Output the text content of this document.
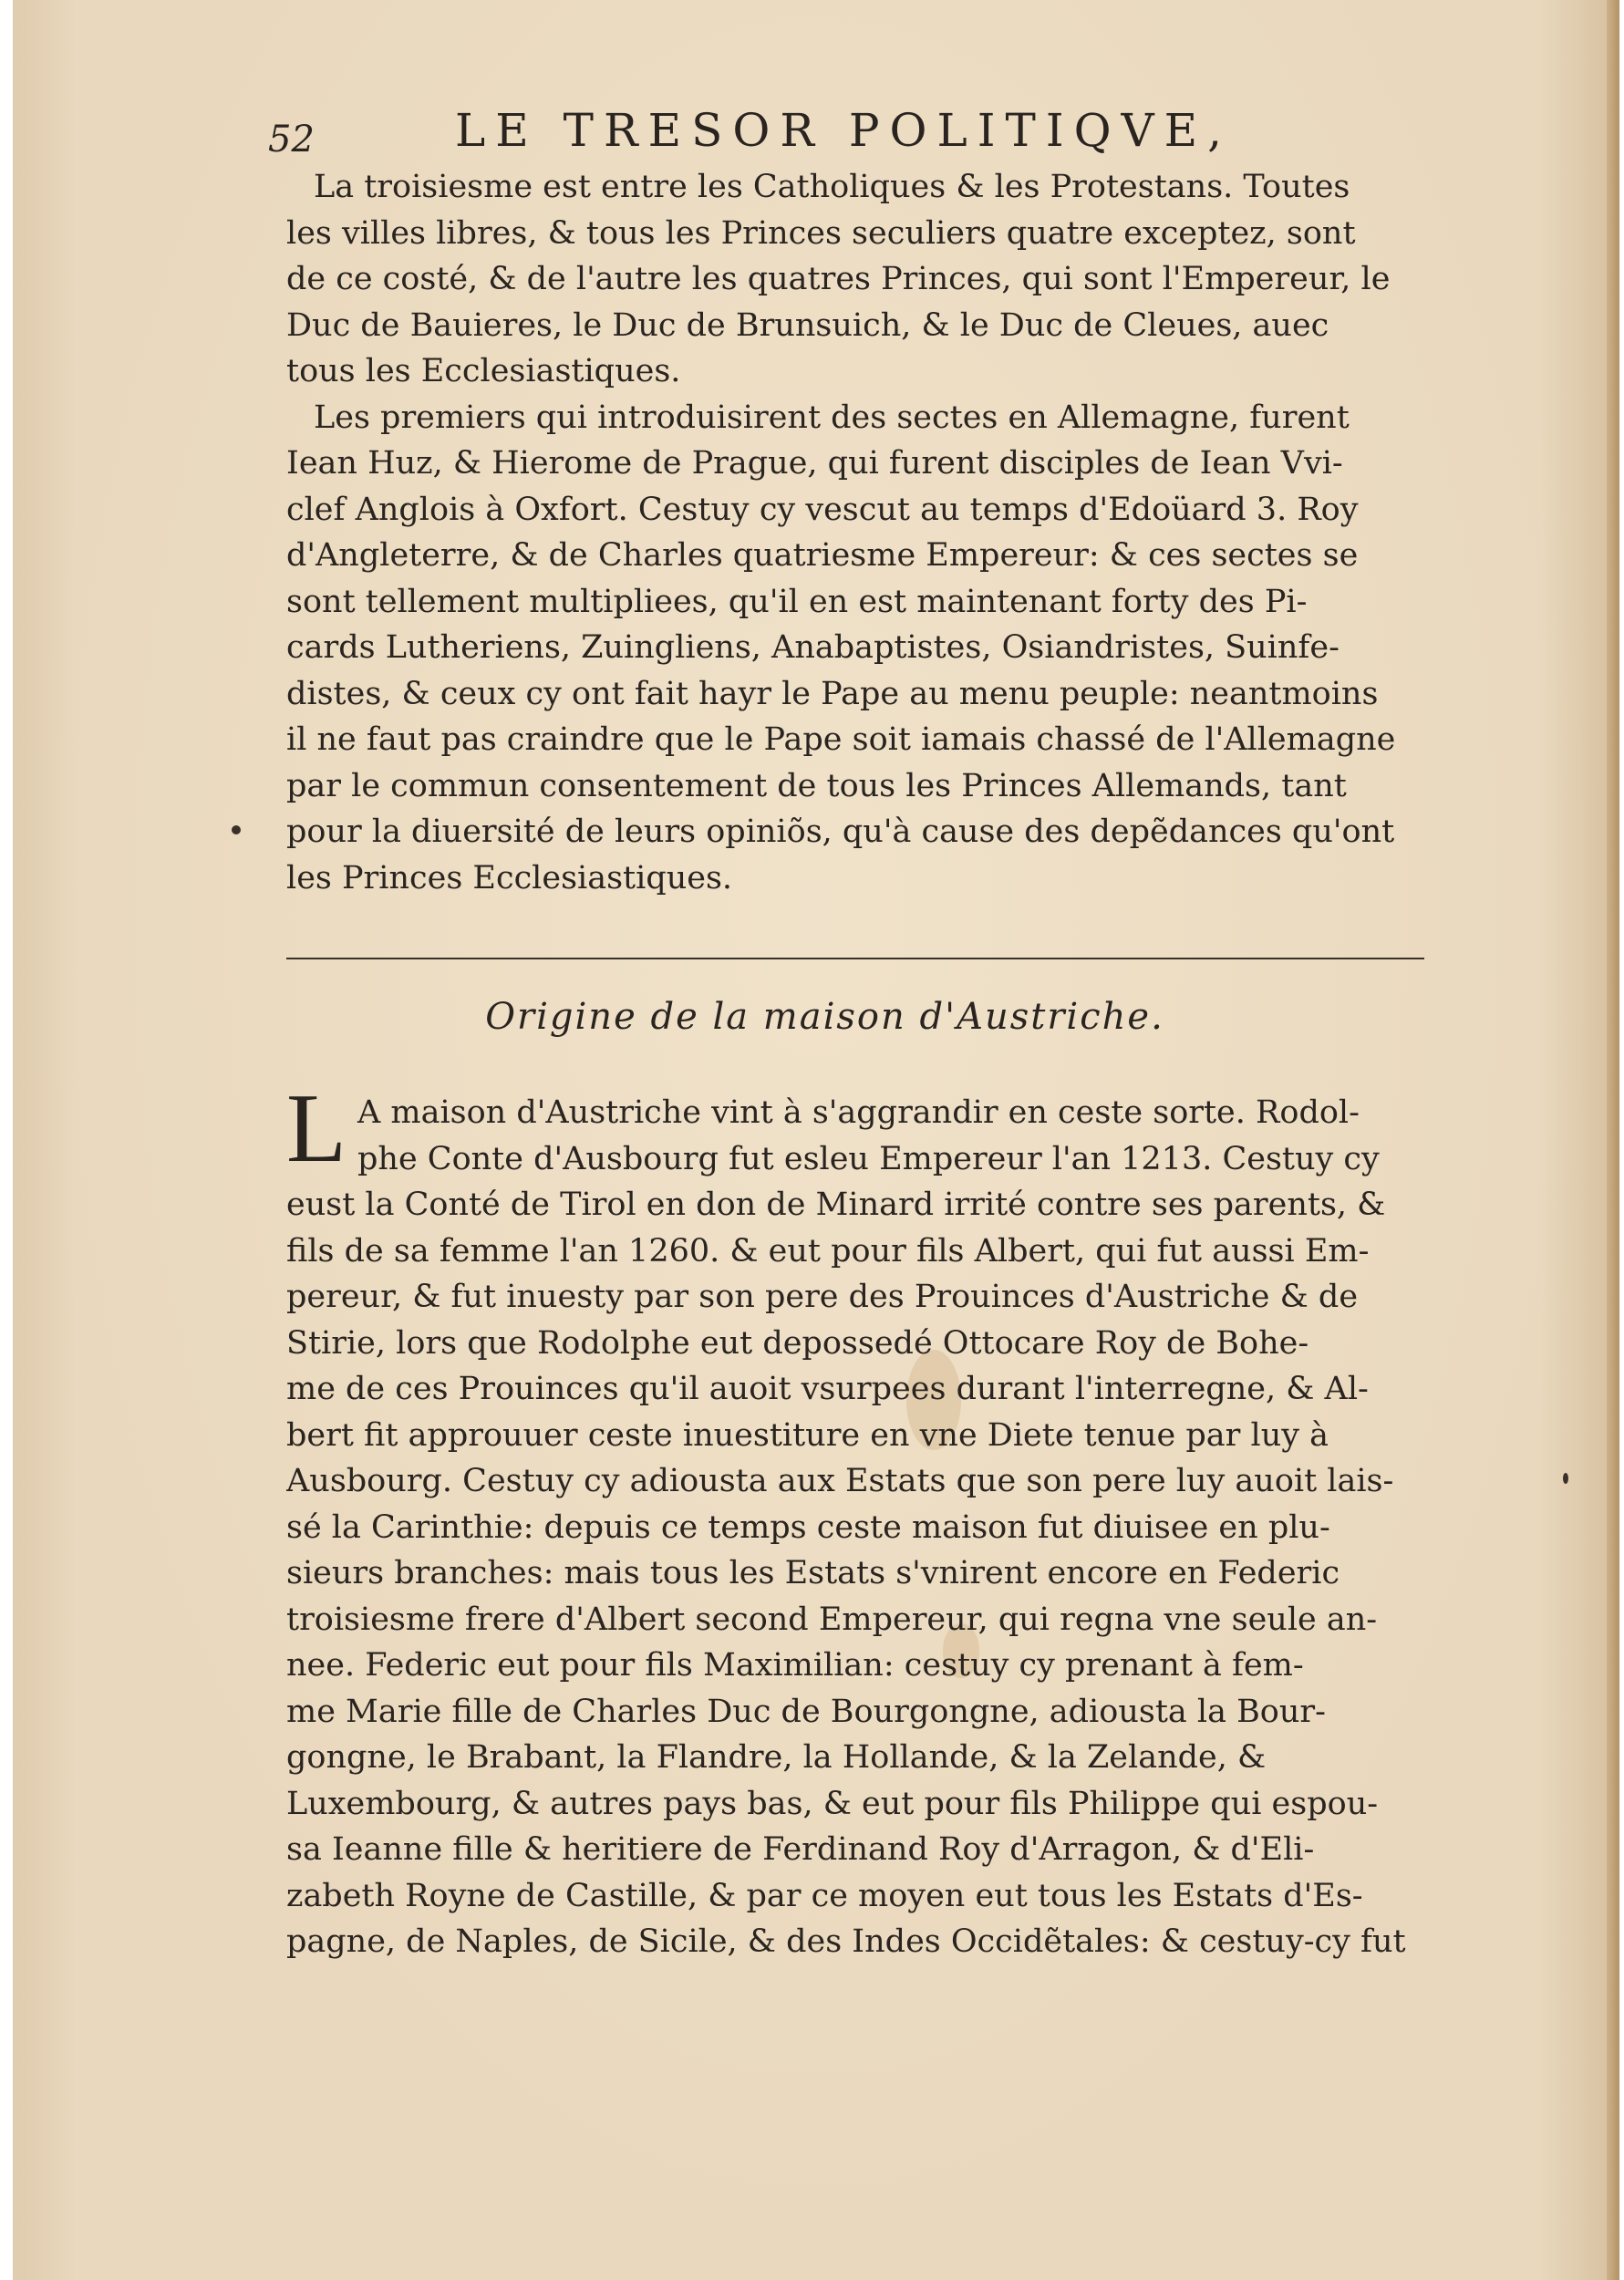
52	LE TRESOR POLITIQVE,
La troisiesme est entre les Catholiques & les Protestans. Toutes
les villes libres, & tous les Princes seculiers quatre exceptez, sont
de ce costé, & de l'autre les quatres Princes, qui sont l'Empereur, le
Duc de Bauieres, le Duc de Brunsuich, & le Duc de Cleues, auec
tous les Ecclesiastiques.
Les premiers qui introduisirent des sectes en Allemagne, furent
Iean Huz, & Hierome de Prague, qui furent disciples de Iean Vvi-
clef Anglois à Oxfort. Cestuy cy vescut au temps d'Edoüard 3. Roy
d'Angleterre, & de Charles quatriesme Empereur: & ces sectes se
sont tellement multipliees, qu'il en est maintenant forty des Pi-
cards Lutheriens, Zuingliens, Anabaptistes, Osiandristes, Suinfe-
distes, & ceux cy ont fait hayr le Pape au menu peuple: neantmoins
il ne faut pas craindre que le Pape soit iamais chassé de l'Allemagne
par le commun consentement de tous les Princes Allemands, tant
pour la diuersité de leurs opiniõs, qu'à cause des depẽdances qu'ont
les Princes Ecclesiastiques.
Origine de la maison d'Austriche.
L A maison d'Austriche vint à s'aggrandir en ceste sorte. Rodol-
phe Conte d'Ausbourg fut esleu Empereur l'an 1213. Cestuy cy
eust la Conté de Tirol en don de Minard irrité contre ses parents, &
fils de sa femme l'an 1260. & eut pour fils Albert, qui fut aussi Em-
pereur, & fut inuesty par son pere des Prouinces d'Austriche & de
Stirie, lors que Rodolphe eut depossedé Ottocare Roy de Bohe-
me de ces Prouinces qu'il auoit vsurpees durant l'interregne, & Al-
bert fit approuuer ceste inuestiture en vne Diete tenue par luy à
Ausbourg. Cestuy cy adiousta aux Estats que son pere luy auoit lais-
sé la Carinthie: depuis ce temps ceste maison fut diuisee en plu-
sieurs branches: mais tous les Estats s'vnirent encore en Federic
troisiesme frere d'Albert second Empereur, qui regna vne seule an-
nee. Federic eut pour fils Maximilian: cestuy cy prenant à fem-
me Marie fille de Charles Duc de Bourgongne, adiousta la Bour-
gongne, le Brabant, la Flandre, la Hollande, & la Zelande, &
Luxembourg, & autres pays bas, & eut pour fils Philippe qui espou-
sa Ieanne fille & heritiere de Ferdinand Roy d'Arragon, & d'Eli-
zabeth Royne de Castille, & par ce moyen eut tous les Estats d'Es-
pagne, de Naples, de Sicile, & des Indes Occidẽtales: & cestuy-cy fut
